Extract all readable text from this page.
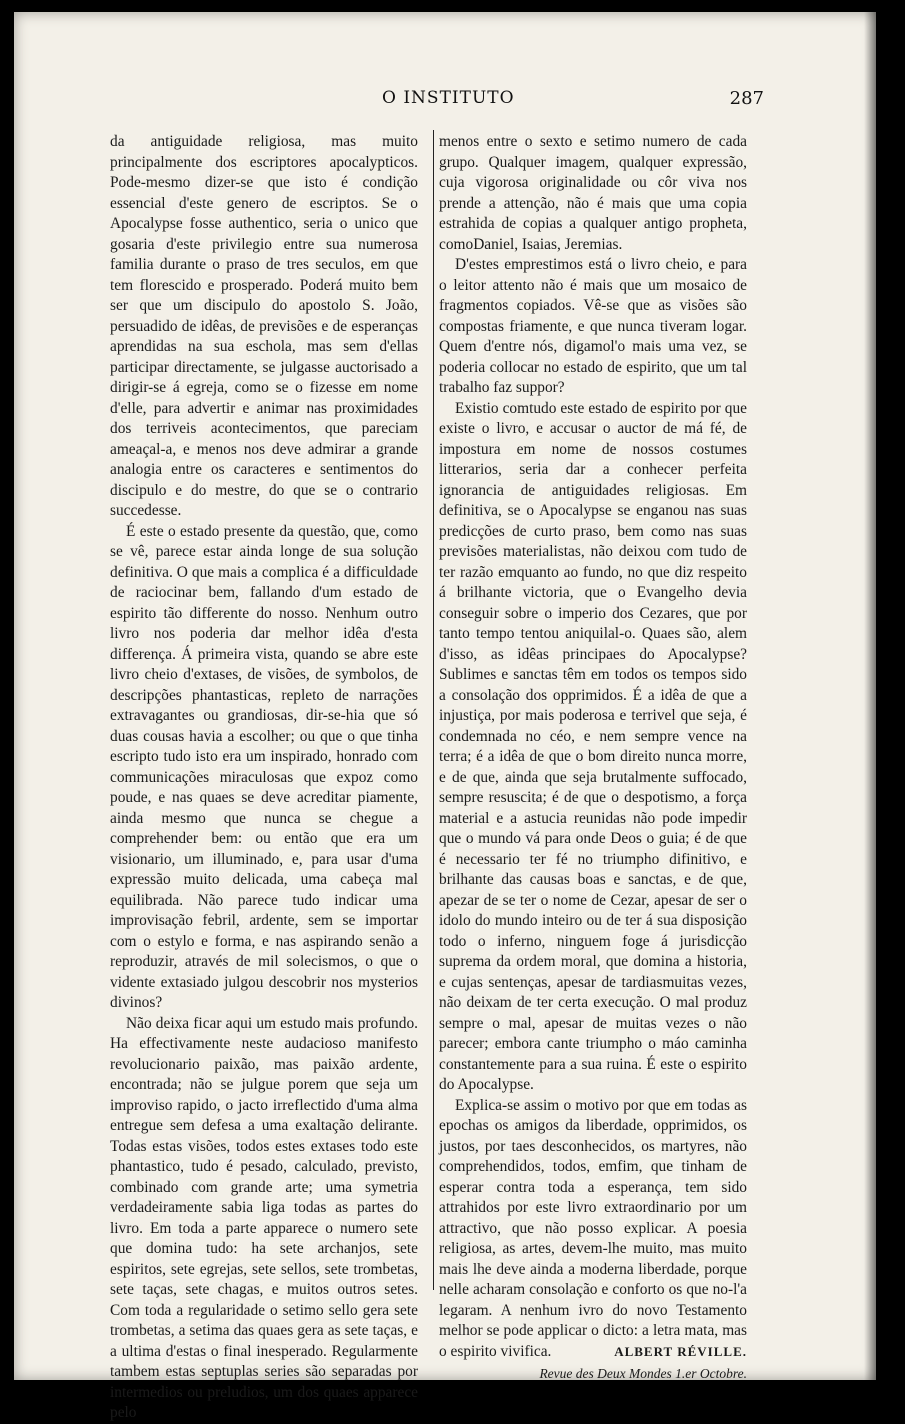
O INSTITUTO	287

da antiguidade religiosa, mas muito principalmente dos escriptores apocalypticos. Pode-mesmo dizer-se que isto é condição essencial d'este genero de escriptos. Se o Apocalypse fosse authentico, seria o unico que gosaria d'este privilegio entre sua numerosa familia durante o praso de tres seculos, em que tem florescido e prosperado. Poderá muito bem ser que um discipulo do apostolo S. João, persuadido de idêas, de previsões e de esperanças aprendidas na sua eschola, mas sem d'ellas participar directamente, se julgasse auctorisado a dirigir-se á egreja, como se o fizesse em nome d'elle, para advertir e animar nas proximidades dos terriveis acontecimentos, que pareciam ameaçal-a, e menos nos deve admirar a grande analogia entre os caracteres e sentimentos do discipulo e do mestre, do que se o contrario succedesse.

É este o estado presente da questão, que, como se vê, parece estar ainda longe de sua solução definitiva. O que mais a complica é a difficuldade de raciocinar bem, fallando d'um estado de espirito tão differente do nosso. Nenhum outro livro nos poderia dar melhor idêa d'esta differença. Á primeira vista, quando se abre este livro cheio d'extases, de visões, de symbolos, de descripções phantasticas, repleto de narrações extravagantes ou grandiosas, dir-se-hia que só duas cousas havia a escolher; ou que o que tinha escripto tudo isto era um inspirado, honrado com communicações miraculosas que expoz como poude, e nas quaes se deve acreditar piamente, ainda mesmo que nunca se chegue a comprehender bem: ou então que era um visionario, um illuminado, e, para usar d'uma expressão muito delicada, uma cabeça mal equilibrada. Não parece tudo indicar uma improvisação febril, ardente, sem se importar com o estylo e forma, e nas aspirando senão a reproduzir, através de mil solecismos, o que o vidente extasiado julgou descobrir nos mysterios divinos?

Não deixa ficar aqui um estudo mais profundo. Ha effectivamente neste audacioso manifesto revolucionario paixão, mas paixão ardente, encontrada; não se julgue porem que seja um improviso rapido, o jacto irreflectido d'uma alma entregue sem defesa a uma exaltação delirante. Todas estas visões, todos estes extases todo este phantastico, tudo é pesado, calculado, previsto, combinado com grande arte; uma symetria verdadeiramente sabia liga todas as partes do livro. Em toda a parte apparece o numero sete que domina tudo: ha sete archanjos, sete espiritos, sete egrejas, sete sellos, sete trombetas, sete taças, sete chagas, e muitos outros setes. Com toda a regularidade o setimo sello gera sete trombetas, a setima das quaes gera as sete taças, e a ultima d'estas o final inesperado. Regularmente tambem estas septuplas series são separadas por intermedios ou preludios, um dos quaes apparece pelo

menos entre o sexto e setimo numero de cada grupo. Qualquer imagem, qualquer expressão, cuja vigorosa originalidade ou côr viva nos prende a attenção, não é mais que uma copia estrahida de copias a qualquer antigo propheta, comoDaniel, Isaias, Jeremias.

D'estes emprestimos está o livro cheio, e para o leitor attento não é mais que um mosaico de fragmentos copiados. Vê-se que as visões são compostas friamente, e que nunca tiveram logar. Quem d'entre nós, digamol'o mais uma vez, se poderia collocar no estado de espirito, que um tal trabalho faz suppor?

Existio comtudo este estado de espirito por que existe o livro, e accusar o auctor de má fé, de impostura em nome de nossos costumes litterarios, seria dar a conhecer perfeita ignorancia de antiguidades religiosas. Em definitiva, se o Apocalypse se enganou nas suas predicções de curto praso, bem como nas suas previsões materialistas, não deixou com tudo de ter razão emquanto ao fundo, no que diz respeito á brilhante victoria, que o Evangelho devia conseguir sobre o imperio dos Cezares, que por tanto tempo tentou aniquilal-o. Quaes são, alem d'isso, as idêas principaes do Apocalypse? Sublimes e sanctas têm em todos os tempos sido a consolação dos opprimidos. É a idêa de que a injustiça, por mais poderosa e terrivel que seja, é condemnada no céo, e nem sempre vence na terra; é a idêa de que o bom direito nunca morre, e de que, ainda que seja brutalmente suffocado, sempre resuscita; é de que o despotismo, a força material e a astucia reunidas não pode impedir que o mundo vá para onde Deos o guia; é de que é necessario ter fé no triumpho difinitivo, e brilhante das causas boas e sanctas, e de que, apezar de se ter o nome de Cezar, apesar de ser o idolo do mundo inteiro ou de ter á sua disposição todo o inferno, ninguem foge á jurisdicção suprema da ordem moral, que domina a historia, e cujas sentenças, apesar de tardiasmuitas vezes, não deixam de ter certa execução. O mal produz sempre o mal, apesar de muitas vezes o não parecer; embora cante triumpho o máo caminha constantemente para a sua ruina. É este o espirito do Apocalypse.

Explica-se assim o motivo por que em todas as epochas os amigos da liberdade, opprimidos, os justos, por taes desconhecidos, os martyres, não comprehendidos, todos, emfim, que tinham de esperar contra toda a esperança, tem sido attrahidos por este livro extraordinario por um attractivo, que não posso explicar. A poesia religiosa, as artes, devem-lhe muito, mas muito mais lhe deve ainda a moderna liberdade, porque nelle acharam consolação e conforto os que no-l'a legaram. A nenhum ivro do novo Testamento melhor se pode applicar o dicto: a letra mata, mas o espirito vivifica.	ALBERT RÉVILLE.

Revue des Deux Mondes 1.er Octobre.
